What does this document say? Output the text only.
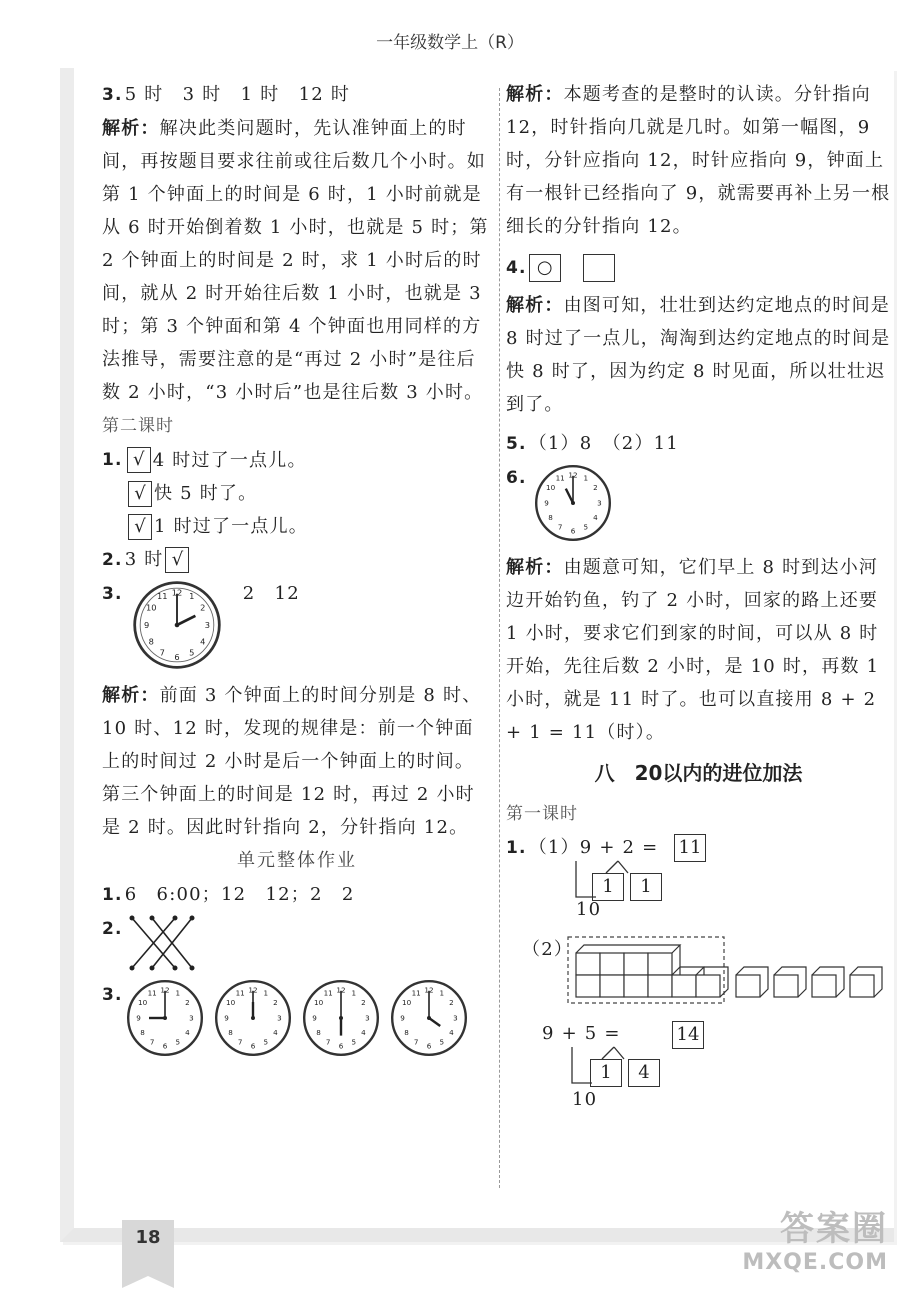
一年级数学上（R）

3. 5 时　3 时　1 时　12 时

解析：解决此类问题时，先认准钟面上的时间，再按题目要求往前或往后数几个小时。如第 1 个钟面上的时间是 6 时，1 小时前就是从 6 时开始倒着数 1 小时，也就是 5 时；第 2 个钟面上的时间是 2 时，求 1 小时后的时间，就从 2 时开始往后数 1 小时，也就是 3 时；第 3 个钟面和第 4 个钟面也用同样的方法推导，需要注意的是“再过 2 小时”是往后数 2 小时，“3 小时后”也是往后数 3 小时。

第二课时

1. √ 4 时过了一点儿。

√ 快 5 时了。

√ 1 时过了一点儿。

2. 3 时 √

3.	12 1
2
3
4
5
6
7
8
9
10
11	2　12

解析：前面 3 个钟面上的时间分别是 8 时、10 时、12 时，发现的规律是：前一个钟面上的时间过 2 小时是后一个钟面上的时间。第三个钟面上的时间是 12 时，再过 2 小时是 2 时。因此时针指向 2，分针指向 12。

单元整体作业

1. 6　6:00；12　12；2　2

2.

3.	12 1
2
3
4
5
6
7
8
9
10
11	12 1
2
3
4
5
6
7
8
9
10
11	12 1
2
3
4
5
6
7
8
9
10
11	12 1
2
3
4
5
6
7
8
9
10
11

解析：本题考查的是整时的认读。分针指向 12，时针指向几就是几时。如第一幅图，9 时，分针应指向 12，时针应指向 9，钟面上有一根针已经指向了 9，就需要再补上另一根细长的分针指向 12。

4. ○

解析：由图可知，壮壮到达约定地点的时间是 8 时过了一点儿，淘淘到达约定地点的时间是快 8 时了，因为约定 8 时见面，所以壮壮迟到了。

5. （1）8　（2）11

6.	12 1
2
3
4
5
6
7
8
9
10
11

解析：由题意可知，它们早上 8 时到达小河边开始钓鱼，钓了 2 小时，回家的路上还要 1 小时，要求它们到家的时间，可以从 8 时开始，先往后数 2 小时，是 10 时，再数 1 小时，就是 11 时了。也可以直接用 8 + 2 + 1 = 11（时）。

八　20以内的进位加法
第一课时

1. （1）9 + 2 = 11
1	1

10

（2）

9 + 5 =	14
1	4

10

18	答案圈
MXQE.COM
